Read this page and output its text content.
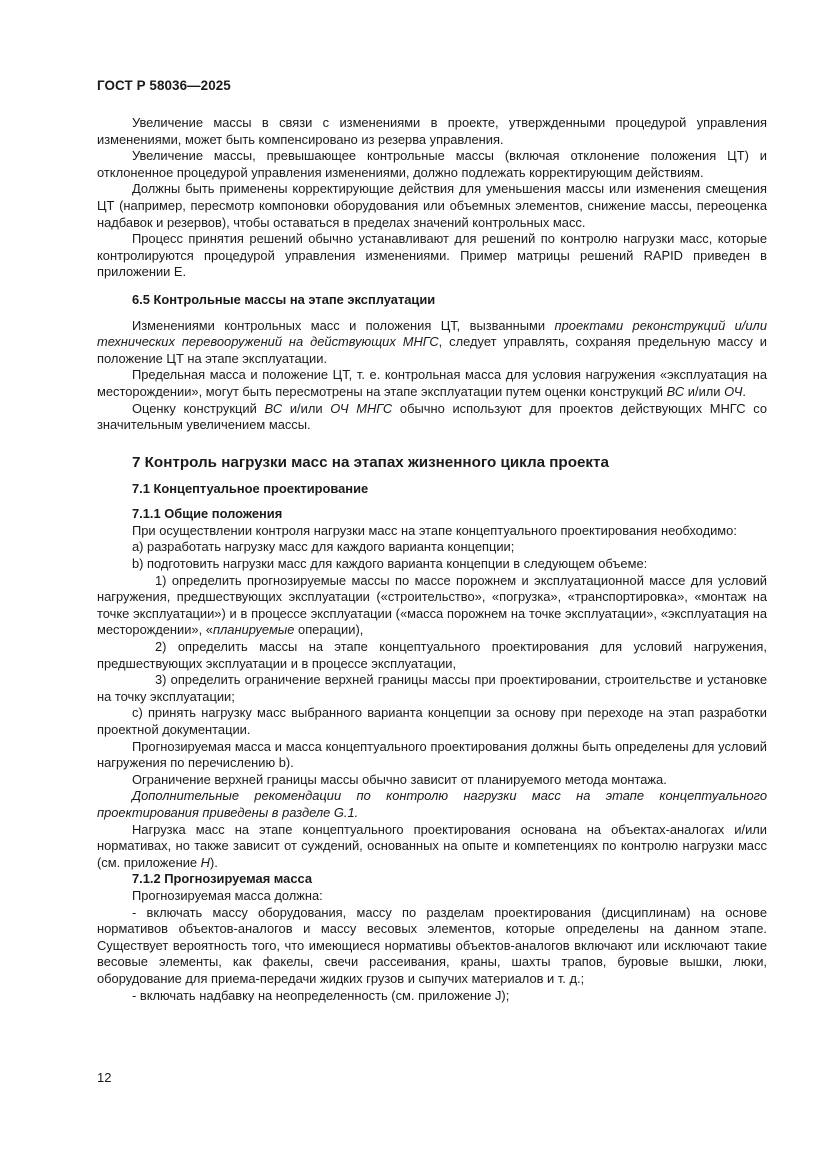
ГОСТ Р 58036—2025

Увеличение массы в связи с изменениями в проекте, утвержденными процедурой управления изменениями, может быть компенсировано из резерва управления.

Увеличение массы, превышающее контрольные массы (включая отклонение положения ЦТ) и отклоненное процедурой управления изменениями, должно подлежать корректирующим действиям.

Должны быть применены корректирующие действия для уменьшения массы или изменения смещения ЦТ (например, пересмотр компоновки оборудования или объемных элементов, снижение массы, переоценка надбавок и резервов), чтобы оставаться в пределах значений контрольных масс.

Процесс принятия решений обычно устанавливают для решений по контролю нагрузки масс, которые контролируются процедурой управления изменениями. Пример матрицы решений RAPID приведен в приложении Е.

6.5 Контрольные массы на этапе эксплуатации

Изменениями контрольных масс и положения ЦТ, вызванными проектами реконструкций и/или технических перевооружений на действующих МНГС, следует управлять, сохраняя предельную массу и положение ЦТ на этапе эксплуатации.

Предельная масса и положение ЦТ, т. е. контрольная масса для условия нагружения «эксплуатация на месторождении», могут быть пересмотрены на этапе эксплуатации путем оценки конструкций ВС и/или ОЧ.

Оценку конструкций ВС и/или ОЧ МНГС обычно используют для проектов действующих МНГС со значительным увеличением массы.

7 Контроль нагрузки масс на этапах жизненного цикла проекта

7.1 Концептуальное проектирование

7.1.1 Общие положения

При осуществлении контроля нагрузки масс на этапе концептуального проектирования необходимо:

а) разработать нагрузку масс для каждого варианта концепции;

b) подготовить нагрузки масс для каждого варианта концепции в следующем объеме:

1) определить прогнозируемые массы по массе порожнем и эксплуатационной массе для условий нагружения, предшествующих эксплуатации («строительство», «погрузка», «транспортировка», «монтаж на точке эксплуатации») и в процессе эксплуатации («масса порожнем на точке эксплуатации», «эксплуатация на месторождении», «планируемые операции),

2) определить массы на этапе концептуального проектирования для условий нагружения, предшествующих эксплуатации и в процессе эксплуатации,

3) определить ограничение верхней границы массы при проектировании, строительстве и установке на точку эксплуатации;

с) принять нагрузку масс выбранного варианта концепции за основу при переходе на этап разработки проектной документации.

Прогнозируемая масса и масса концептуального проектирования должны быть определены для условий нагружения по перечислению b).

Ограничение верхней границы массы обычно зависит от планируемого метода монтажа.

Дополнительные рекомендации по контролю нагрузки масс на этапе концептуального проектирования приведены в разделе G.1.

Нагрузка масс на этапе концептуального проектирования основана на объектах-аналогах и/или нормативах, но также зависит от суждений, основанных на опыте и компетенциях по контролю нагрузки масс (см. приложение H).

7.1.2 Прогнозируемая масса

Прогнозируемая масса должна:

- включать массу оборудования, массу по разделам проектирования (дисциплинам) на основе нормативов объектов-аналогов и массу весовых элементов, которые определены на данном этапе. Существует вероятность того, что имеющиеся нормативы объектов-аналогов включают или исключают такие весовые элементы, как факелы, свечи рассеивания, краны, шахты трапов, буровые вышки, люки, оборудование для приема-передачи жидких грузов и сыпучих материалов и т. д.;

- включать надбавку на неопределенность (см. приложение J);

12
